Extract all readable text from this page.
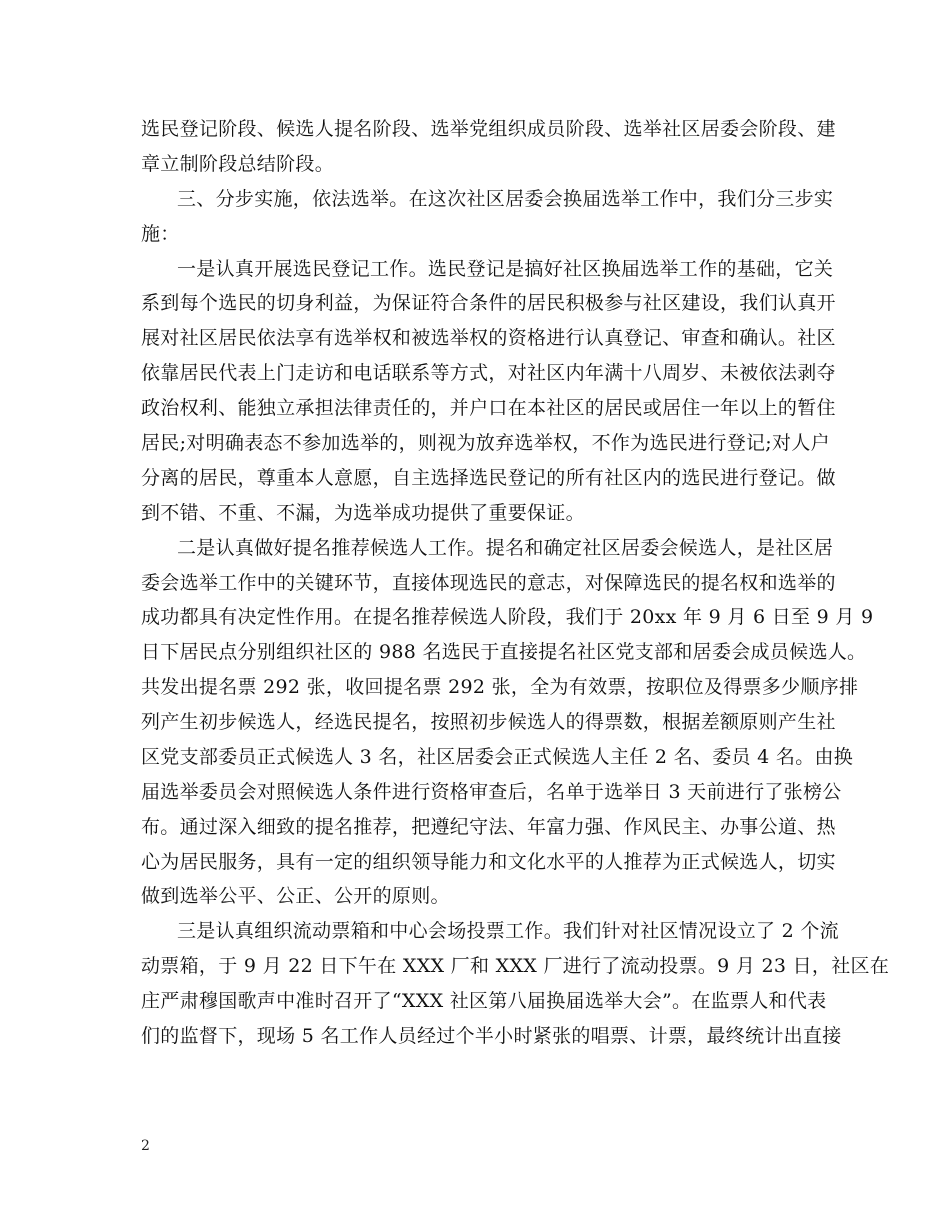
选民登记阶段、候选人提名阶段、选举党组织成员阶段、选举社区居委会阶段、建
章立制阶段总结阶段。
三、分步实施，依法选举。在这次社区居委会换届选举工作中，我们分三步实
施：
一是认真开展选民登记工作。选民登记是搞好社区换届选举工作的基础，它关
系到每个选民的切身利益，为保证符合条件的居民积极参与社区建设，我们认真开
展对社区居民依法享有选举权和被选举权的资格进行认真登记、审查和确认。社区
依靠居民代表上门走访和电话联系等方式，对社区内年满十八周岁、未被依法剥夺
政治权利、能独立承担法律责任的，并户口在本社区的居民或居住一年以上的暂住
居民;对明确表态不参加选举的，则视为放弃选举权，不作为选民进行登记;对人户
分离的居民，尊重本人意愿，自主选择选民登记的所有社区内的选民进行登记。做
到不错、不重、不漏，为选举成功提供了重要保证。
二是认真做好提名推荐候选人工作。提名和确定社区居委会候选人，是社区居
委会选举工作中的关键环节，直接体现选民的意志，对保障选民的提名权和选举的
成功都具有决定性作用。在提名推荐候选人阶段，我们于 20xx 年 9 月 6 日至 9 月 9
日下居民点分别组织社区的 988 名选民于直接提名社区党支部和居委会成员候选人。
共发出提名票 292 张，收回提名票 292 张，全为有效票，按职位及得票多少顺序排
列产生初步候选人，经选民提名，按照初步候选人的得票数，根据差额原则产生社
区党支部委员正式候选人 3 名，社区居委会正式候选人主任 2 名、委员 4 名。由换
届选举委员会对照候选人条件进行资格审查后，名单于选举日 3 天前进行了张榜公
布。通过深入细致的提名推荐，把遵纪守法、年富力强、作风民主、办事公道、热
心为居民服务，具有一定的组织领导能力和文化水平的人推荐为正式候选人，切实
做到选举公平、公正、公开的原则。
三是认真组织流动票箱和中心会场投票工作。我们针对社区情况设立了 2 个流
动票箱，于 9 月 22 日下午在 XXX 厂和 XXX 厂进行了流动投票。9 月 23 日，社区在
庄严肃穆国歌声中准时召开了“XXX 社区第八届换届选举大会”。在监票人和代表
们的监督下，现场 5 名工作人员经过个半小时紧张的唱票、计票，最终统计出直接
2
